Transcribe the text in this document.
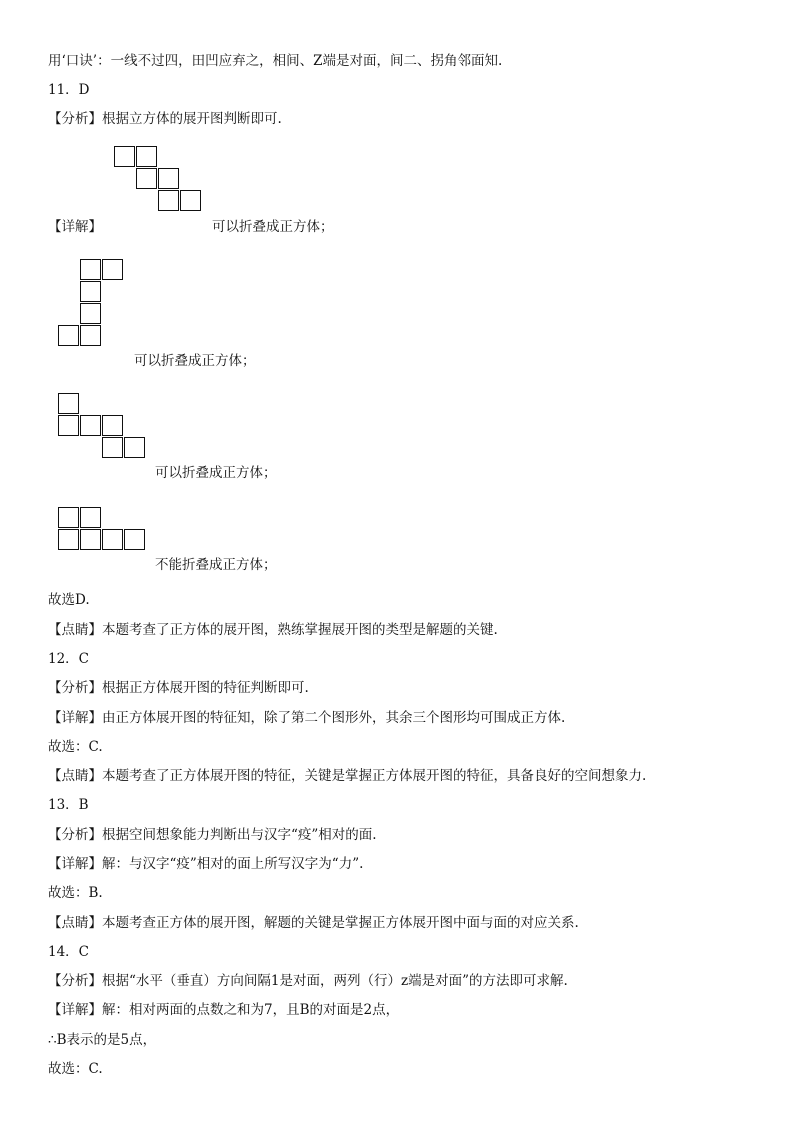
用‘口诀’：一线不过四，田凹应弃之，相间、Z端是对面，间二、拐角邻面知.
11．D
【分析】根据立方体的展开图判断即可.
【详解】	可以折叠成正方体；
可以折叠成正方体；
可以折叠成正方体；
不能折叠成正方体；
故选D.
【点睛】本题考查了正方体的展开图，熟练掌握展开图的类型是解题的关键.
12．C
【分析】根据正方体展开图的特征判断即可.
【详解】由正方体展开图的特征知，除了第二个图形外，其余三个图形均可围成正方体.
故选：C.
【点睛】本题考查了正方体展开图的特征，关键是掌握正方体展开图的特征，具备良好的空间想象力.
13．B
【分析】根据空间想象能力判断出与汉字“疫”相对的面.
【详解】解：与汉字“疫”相对的面上所写汉字为“力”.
故选：B.
【点睛】本题考查正方体的展开图，解题的关键是掌握正方体展开图中面与面的对应关系.
14．C
【分析】根据“水平（垂直）方向间隔1是对面，两列（行）z端是对面”的方法即可求解.
【详解】解：相对两面的点数之和为7，且B的对面是2点，
∴B表示的是5点，
故选：C.
